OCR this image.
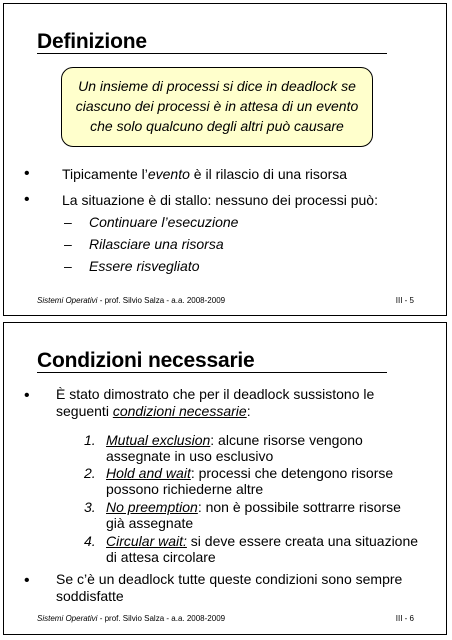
Definizione
Un insieme di processi si dice in deadlock se
ciascuno dei processi è in attesa di un evento
che solo qualcuno degli altri può causare
• Tipicamente l’evento è il rilascio di una risorsa
• La situazione è di stallo: nessuno dei processi può:
– Continuare l’esecuzione
– Rilasciare una risorsa
– Essere risvegliato
Sistemi Operativi - prof. Silvio Salza - a.a. 2008-2009	III - 5
Condizioni necessarie
• È stato dimostrato che per il deadlock sussistono le
seguenti condizioni necessarie:
1. Mutual exclusion: alcune risorse vengono
assegnate in uso esclusivo
2. Hold and wait: processi che detengono risorse
possono richiederne altre
3. No preemption: non è possibile sottrarre risorse
già assegnate
4. Circular wait: si deve essere creata una situazione
di attesa circolare
• Se c’è un deadlock tutte queste condizioni sono sempre
soddisfatte
Sistemi Operativi - prof. Silvio Salza - a.a. 2008-2009	III - 6
